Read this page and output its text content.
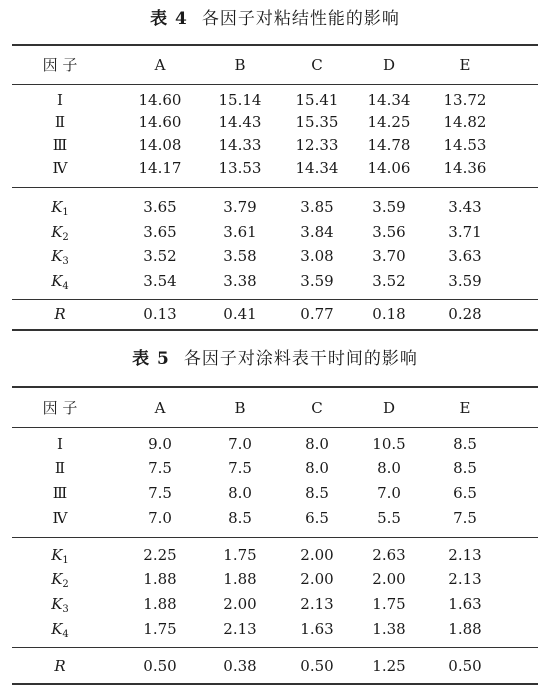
表 4 各因子对粘结性能的影响
因 子	A	B	C	D	E
Ⅰ	14.60	15.14	15.41	14.34	13.72
Ⅱ	14.60	14.43	15.35	14.25	14.82
Ⅲ	14.08	14.33	12.33	14.78	14.53
Ⅳ	14.17	13.53	14.34	14.06	14.36
$K_1$	3.65	3.79	3.85	3.59	3.43
$K_2$	3.65	3.61	3.84	3.56	3.71
$K_3$	3.52	3.58	3.08	3.70	3.63
$K_4$	3.54	3.38	3.59	3.52	3.59
R	0.13	0.41	0.77	0.18	0.28
表 5 各因子对涂料表干时间的影响
因 子	A	B	C	D	E
Ⅰ	9.0	7.0	8.0	10.5	8.5
Ⅱ	7.5	7.5	8.0	8.0	8.5
Ⅲ	7.5	8.0	8.5	7.0	6.5
Ⅳ	7.0	8.5	6.5	5.5	7.5
$K_1$	2.25	1.75	2.00	2.63	2.13
$K_2$	1.88	1.88	2.00	2.00	2.13
$K_3$	1.88	2.00	2.13	1.75	1.63
$K_4$	1.75	2.13	1.63	1.38	1.88
R	0.50	0.38	0.50	1.25	0.50
